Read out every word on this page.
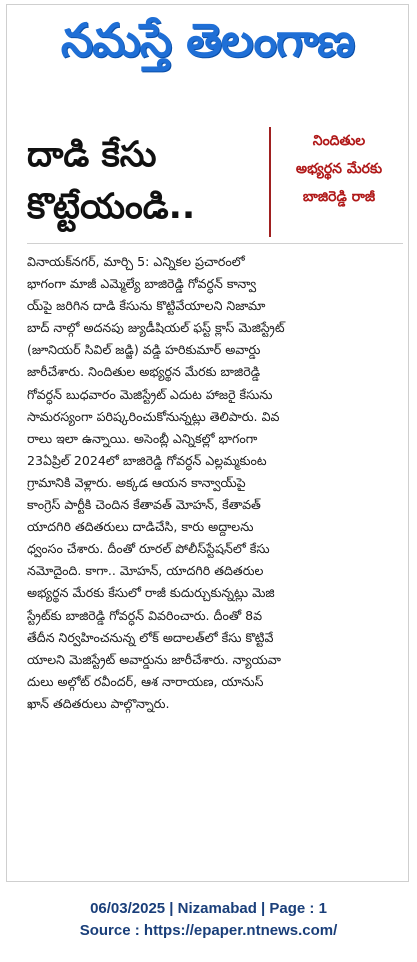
నమస్తే తెలంగాణ
దాడి కేసు
కొట్టేయండి..
నిందితుల
అభ్యర్థన మేరకు
బాజిరెడ్డి రాజీ
వినాయక్‌నగర్, మార్చి 5: ఎన్నికల ప్రచారంలో
భాగంగా మాజీ ఎమ్మెల్యే బాజిరెడ్డి గోవర్ధన్ కాన్వా
య్‌పై జరిగిన దాడి కేసును కొట్టివేయాలని నిజామా
బాద్ నాల్గో అదనపు జ్యుడీషియల్ ఫస్ట్ క్లాస్ మెజిస్ట్రేట్
(జూనియర్ సివిల్ జడ్జి) వడ్డి హరికుమార్ అవార్డు
జారీచేశారు. నిందితుల అభ్యర్థన మేరకు బాజిరెడ్డి
గోవర్ధన్ బుధవారం మెజిస్ట్రేట్ ఎదుట హాజరై కేసును
సామరస్యంగా పరిష్కరించుకోనున్నట్లు తెలిపారు. వివ
రాలు ఇలా ఉన్నాయి. అసెంబ్లీ ఎన్నికల్లో భాగంగా
23ఏప్రిల్ 2024లో బాజిరెడ్డి గోవర్ధన్ ఎల్లమ్మకుంట
గ్రామానికి వెళ్లారు. అక్కడ ఆయన కాన్వాయ్‌పై
కాంగ్రెస్ పార్టీకి చెందిన కేతావత్ మోహన్, కేతావత్
యాదగిరి తదితరులు దాడిచేసి, కారు అద్దాలను
ధ్వంసం చేశారు. దీంతో రూరల్ పోలీస్‌స్టేషన్‌లో కేసు
నమోదైంది. కాగా.. మోహన్, యాదగిరి తదితరుల
అభ్యర్థన మేరకు కేసులో రాజీ కుదుర్చుకున్నట్లు మెజి
స్ట్రేట్‌కు బాజిరెడ్డి గోవర్ధన్ వివరించారు. దీంతో 8వ
తేదీన నిర్వహించనున్న లోక్ అదాలత్‌లో కేసు కొట్టివే
యాలని మెజిస్ట్రేట్ అవార్డును జారీచేశారు. న్యాయవా
దులు అల్గోట్ రవీందర్, ఆశ నారాయణ, యానుస్
ఖాన్ తదితరులు పాల్గొన్నారు.
06/03/2025 | Nizamabad | Page : 1
Source : https://epaper.ntnews.com/
